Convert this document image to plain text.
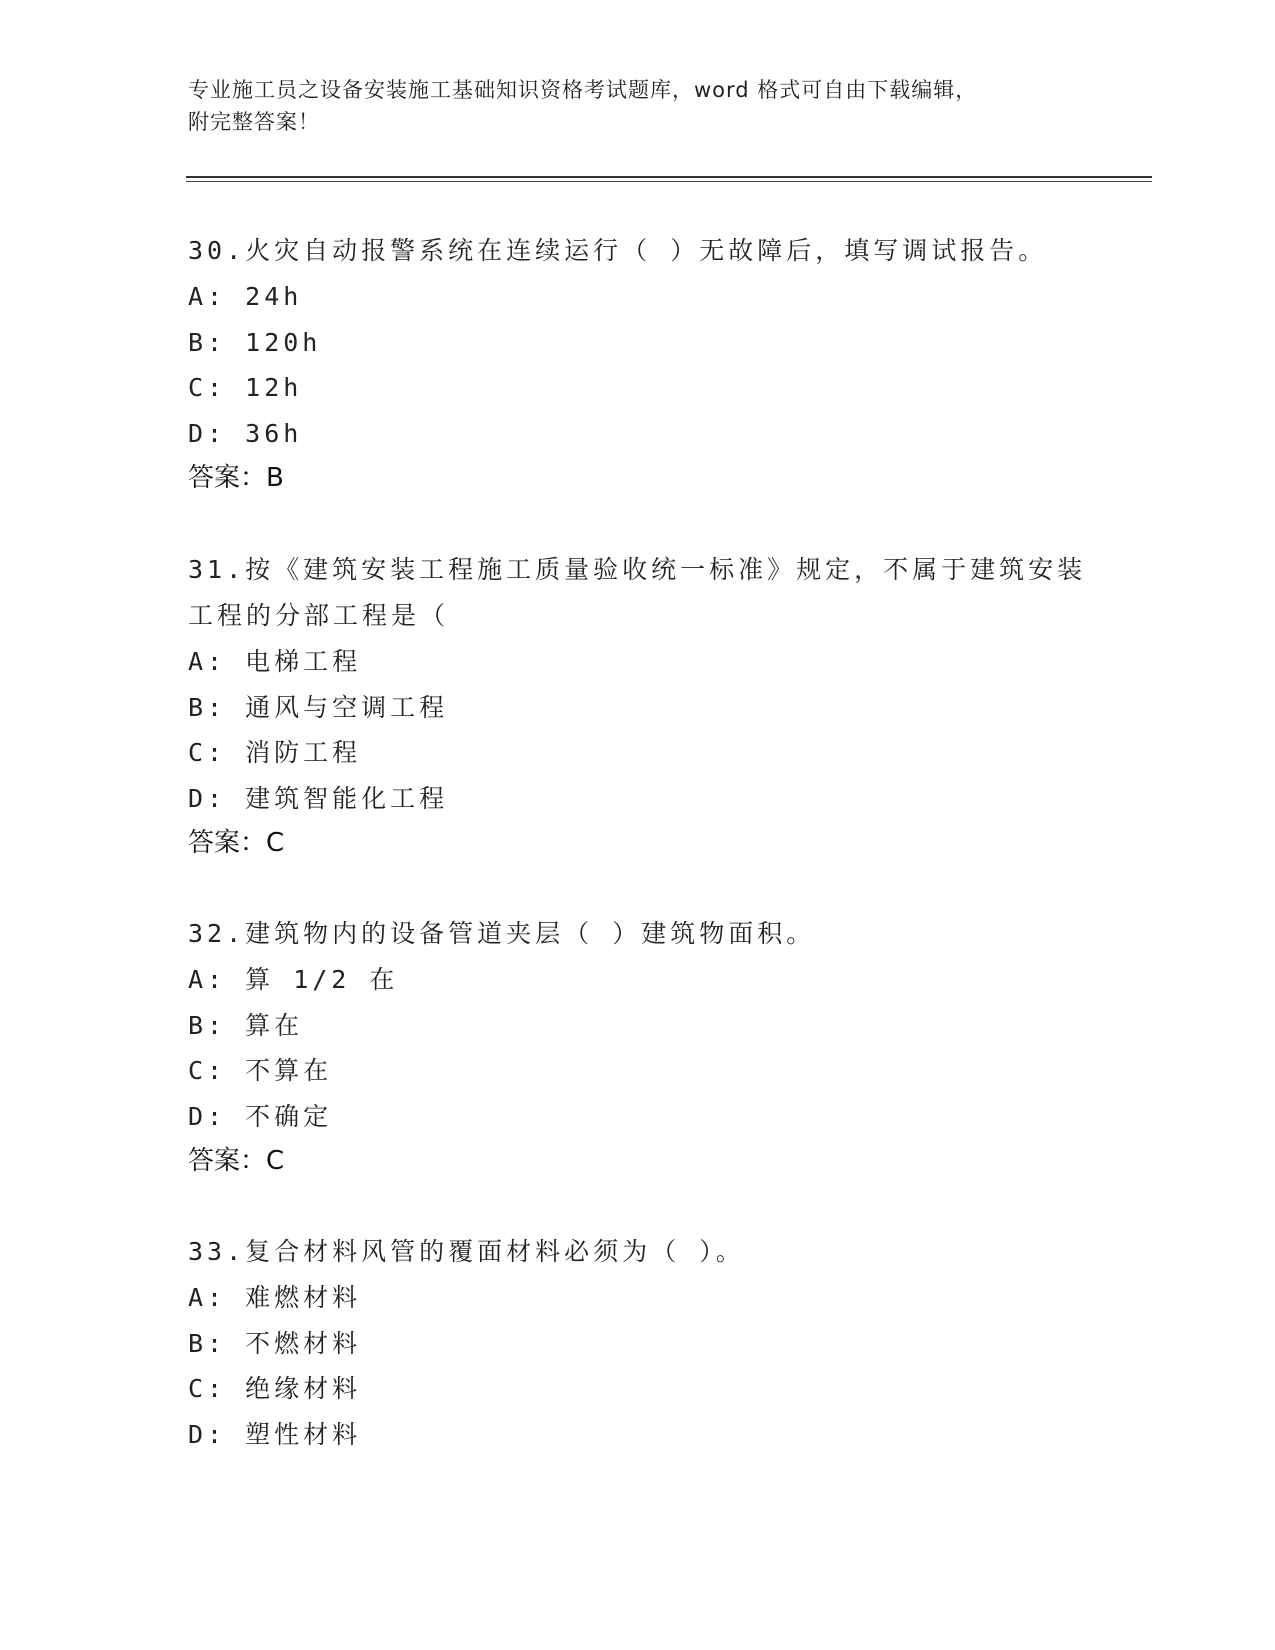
专业施工员之设备安装施工基础知识资格考试题库，word 格式可自由下载编辑，
附完整答案！

30.火灾自动报警系统在连续运行（ ）无故障后，填写调试报告。

A: 24h

B: 120h

C: 12h

D: 36h

答案：B

31.按《建筑安装工程施工质量验收统一标准》规定，不属于建筑安装

工程的分部工程是（

A: 电梯工程

B: 通风与空调工程

C: 消防工程

D: 建筑智能化工程

答案：C

32.建筑物内的设备管道夹层（ ）建筑物面积。

A: 算 1/2 在

B: 算在

C: 不算在

D: 不确定

答案：C

33.复合材料风管的覆面材料必须为（ ）。

A: 难燃材料

B: 不燃材料

C: 绝缘材料

D: 塑性材料
